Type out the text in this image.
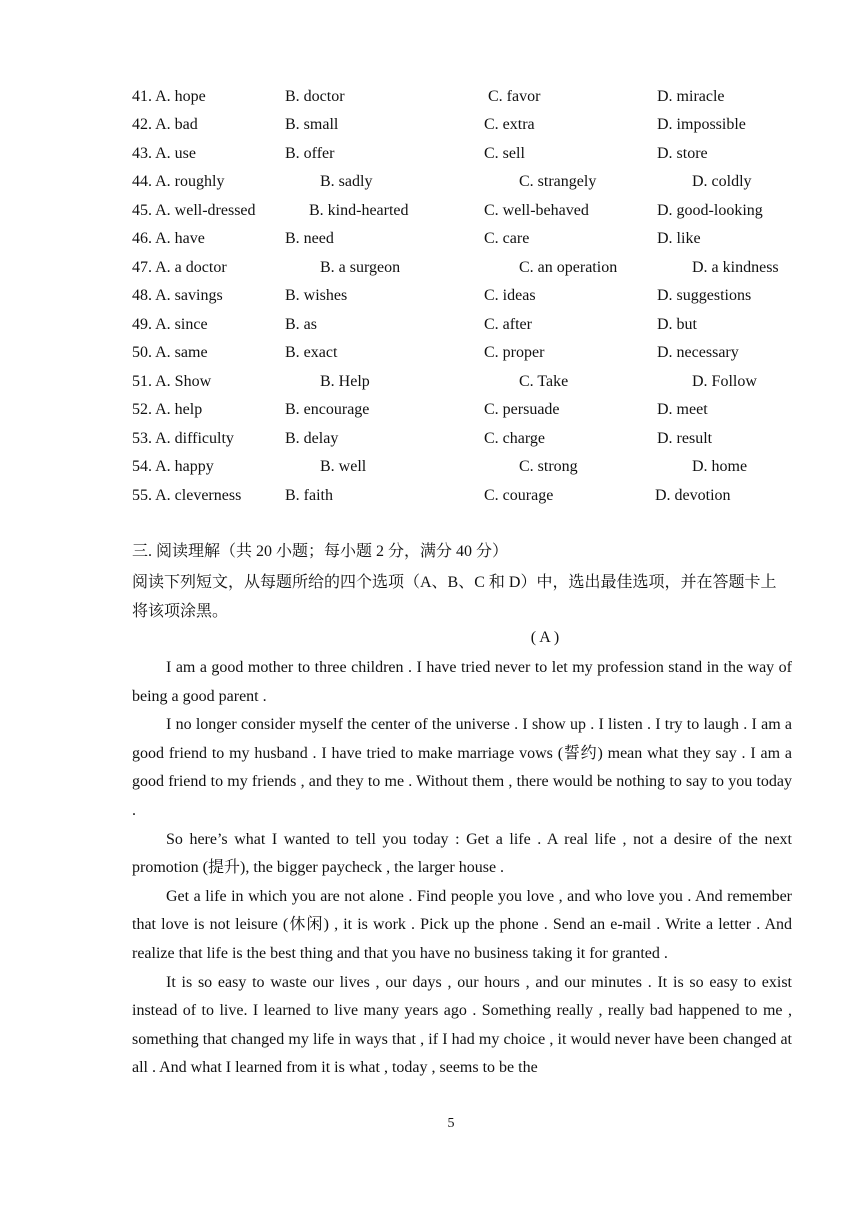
41. A. hope	B. doctor	C. favor	D. miracle
42. A. bad	B. small	C. extra	D. impossible
43. A. use	B. offer	C. sell	D. store
44. A. roughly	B. sadly	C. strangely	D. coldly
45. A. well-dressed	B. kind-hearted	C. well-behaved	D. good-looking
46. A. have	B. need	C. care	D. like
47. A. a doctor	B. a surgeon	C. an operation	D. a kindness
48. A. savings	B. wishes	C. ideas	D. suggestions
49. A. since	B. as	C. after	D. but
50. A. same	B. exact	C. proper	D. necessary
51. A. Show	B. Help	C. Take	D. Follow
52. A. help	B. encourage	C. persuade	D. meet
53. A. difficulty	B. delay	C. charge	D. result
54. A. happy	B. well	C. strong	D. home
55. A. cleverness	B. faith	C. courage	D. devotion
三. 阅读理解（共 20 小题；每小题 2 分，满分 40 分）
阅读下列短文，从每题所给的四个选项（A、B、C 和 D）中，选出最佳选项，并在答题卡上将该项涂黑。
( A )

I am a good mother to three children . I have tried never to let my profession stand in the way of being a good parent .

I no longer consider myself the center of the universe . I show up . I listen . I try to laugh . I am a good friend to my husband . I have tried to make marriage vows (誓约) mean what they say . I am a good friend to my friends , and they to me . Without them , there would be nothing to say to you today .

So here’s what I wanted to tell you today : Get a life . A real life , not a desire of the next promotion (提升), the bigger paycheck , the larger house .

Get a life in which you are not alone . Find people you love , and who love you . And remember that love is not leisure (休闲) , it is work . Pick up the phone . Send an e-mail . Write a letter . And realize that life is the best thing and that you have no business taking it for granted .

It is so easy to waste our lives , our days , our hours , and our minutes . It is so easy to exist instead of to live. I learned to live many years ago . Something really , really bad happened to me , something that changed my life in ways that , if I had my choice , it would never have been changed at all . And what I learned from it is what , today , seems to be the

5
